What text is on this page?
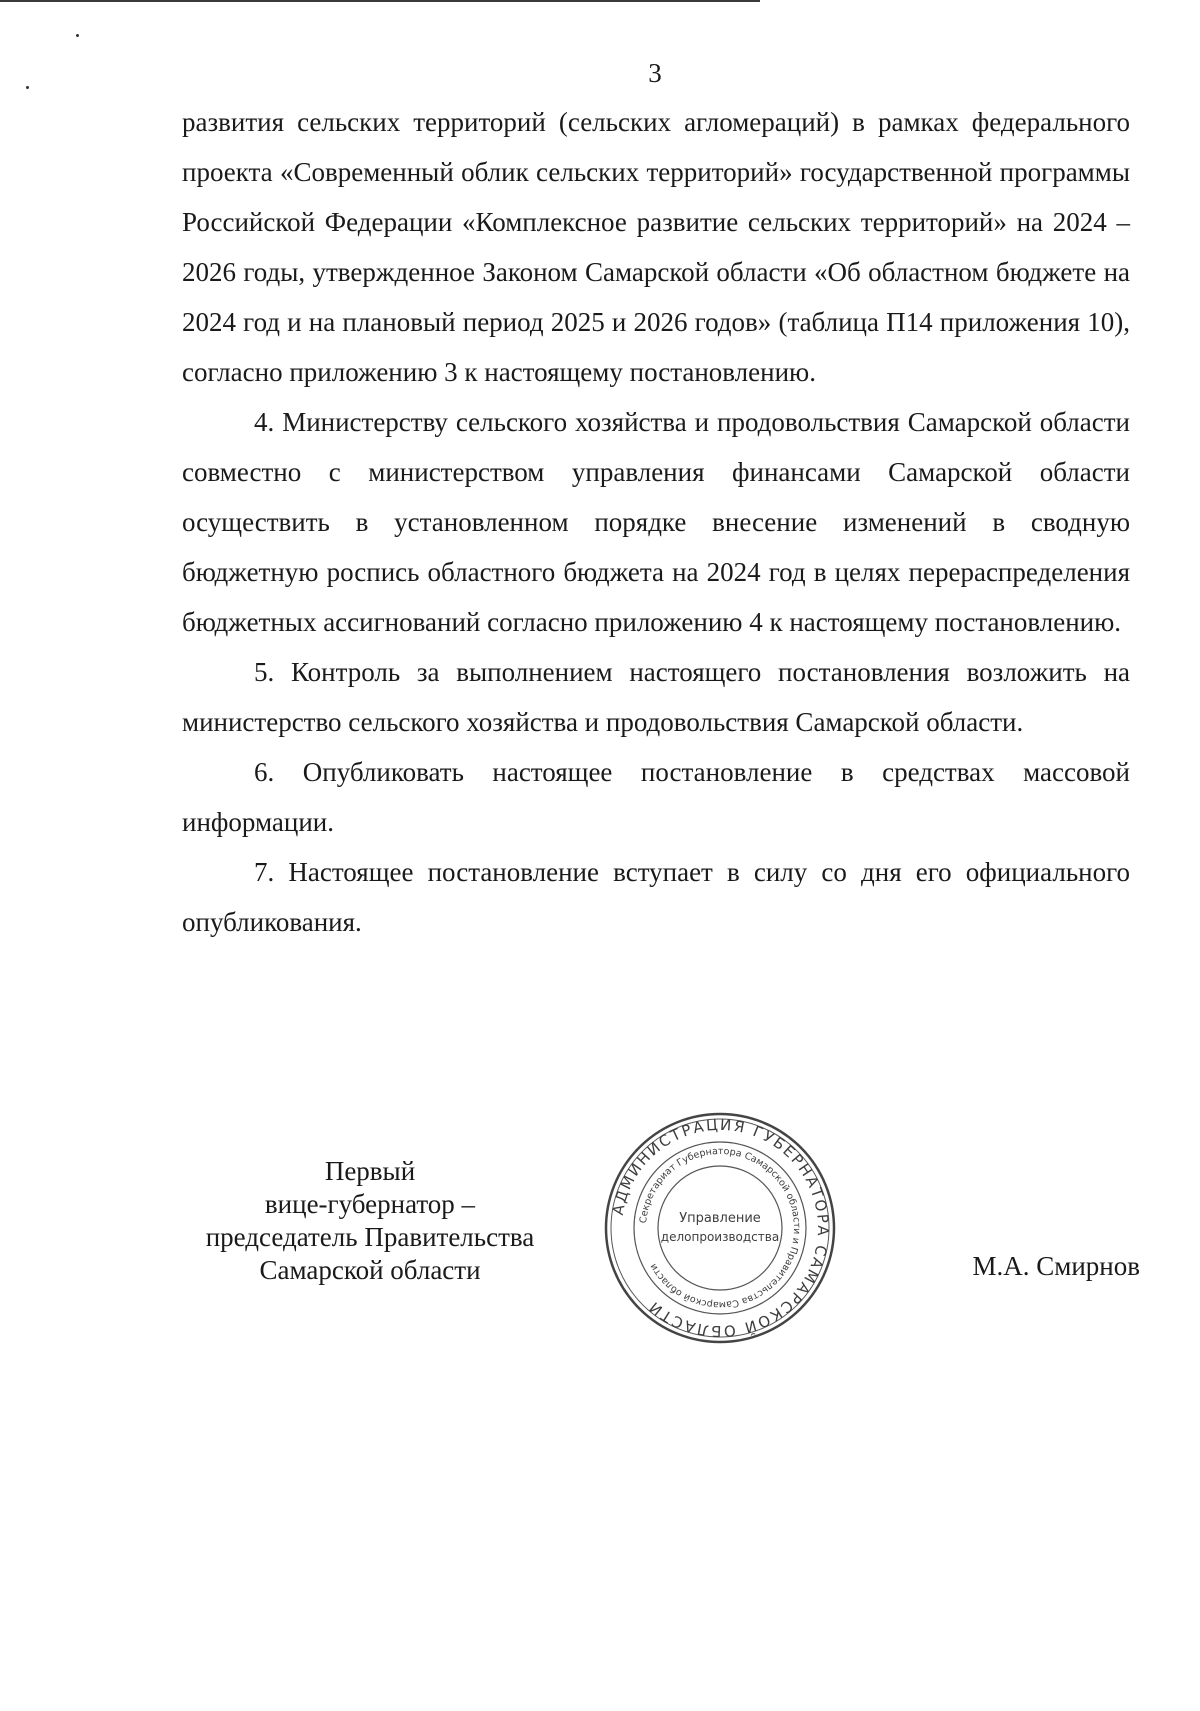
3

развития сельских территорий (сельских агломераций) в рамках федерального проекта «Современный облик сельских территорий» государственной программы Российской Федерации «Комплексное развитие сельских территорий» на 2024 – 2026 годы, утвержденное Законом Самарской области «Об областном бюджете на 2024 год и на плановый период 2025 и 2026 годов» (таблица П14 приложения 10), согласно приложению 3 к настоящему постановлению.

4. Министерству сельского хозяйства и продовольствия Самарской области совместно с министерством управления финансами Самарской области осуществить в установленном порядке внесение изменений в сводную бюджетную роспись областного бюджета на 2024 год в целях перераспределения бюджетных ассигнований согласно приложению 4 к настоящему постановлению.

5. Контроль за выполнением настоящего постановления возложить на министерство сельского хозяйства и продовольствия Самарской области.

6. Опубликовать настоящее постановление в средствах массовой информации.

7. Настоящее постановление вступает в силу со дня его официального опубликования.

Первый
вице-губернатор –
председатель Правительства
Самарской области
АДМИНИСТРАЦИЯ ГУБЕРНАТОРА САМАРСКОЙ ОБЛАСТИ
Секретариат Губернатора Самарской области и Правительства Самарской области
Управление
делопроизводства
М.А. Смирнов
